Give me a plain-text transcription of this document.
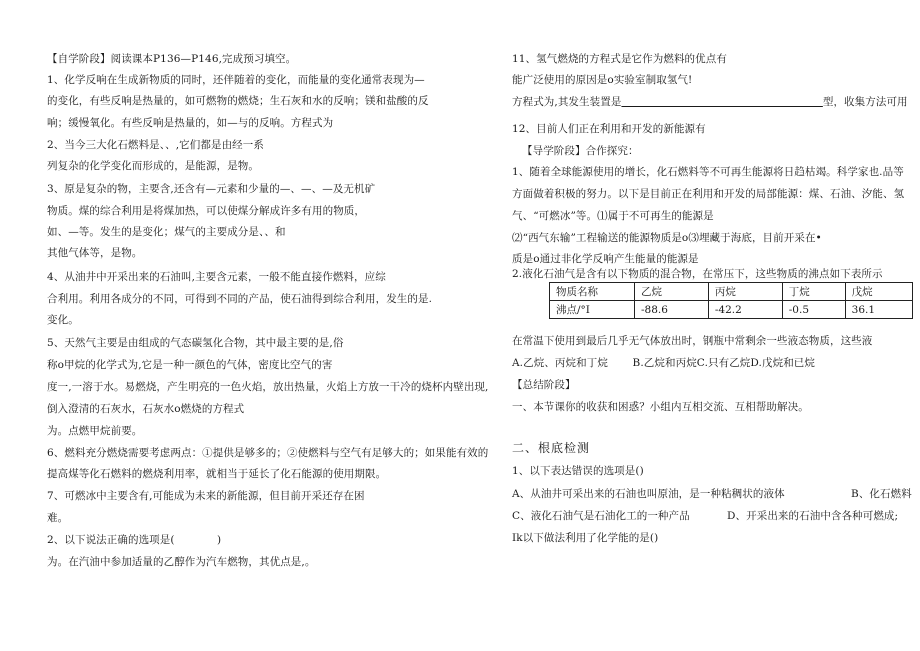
【自学阶段】阅读课本P136—P146,完成预习填空。
1、化学反响在生成新物质的同时，还伴随着的变化，而能量的变化通常表现为—
的变化，有些反响是热量的，如可燃物的燃烧；生石灰和水的反响；镁和盐酸的反
响；缓慢氧化。有些反响是热量的，如—与的反响。方程式为
2、当今三大化石燃料是、、,它们都是由经一系
列复杂的化学变化而形成的，是能源，是物。
3、原是复杂的物，主要含,还含有—元素和少量的—、—、—及无机矿
物质。煤的综合利用是将煤加热，可以使煤分解成许多有用的物质，
如、—等。发生的是变化；煤气的主要成分是、、和
其他气体等，是物。
4、从油井中开采出来的石油叫,主要含元素，一般不能直接作燃料，应综
合利用。利用各成分的不同，可得到不同的产品，使石油得到综合利用，发生的是.
变化。
5、天然气主要是由组成的气态碳氢化合物，其中最主要的是,俗
称o甲烷的化学式为,它是一种一颜色的气体，密度比空气的害
度一,一溶于水。易燃烧，产生明亮的一色火焰，放出热量，火焰上方放一干冷的烧杯内壁出现,
倒入澄清的石灰水，石灰水o燃烧的方程式
为。点燃甲烷前要。
6、燃料充分燃烧需要考虑两点：①提供是够多的；②使燃料与空气有足够大的；如果能有效的
提高煤等化石燃料的燃烧利用率，就相当于延长了化石能源的使用期限。
7、可燃冰中主要含有,可能成为未来的新能源，但目前开采还存在困
难。
2、以下说法正确的选项是(　　　　)
为。在汽油中参加适量的乙醇作为汽车燃物，其优点是,。
11、氢气燃烧的方程式是它作为燃料的优点有
能广泛使用的原因是o实验室制取氢气!
方程式为,其发生装置是　　　　　　　　　　　　　　　　　　　	型，收集方法可用
12、目前人们正在利用和开发的新能源有
【导学阶段】合作探究：
1、随着全球能源使用的增长，化石燃料等不可再生能源将日趋枯竭。科学家也.品等
方面做着积极的努力。以下是目前正在利用和开发的局部能源：煤、石油、汐能、氢
气、“可燃冰”等。⑴属于不可再生的能源是
⑵“西气东输”工程输送的能源物质是o⑶埋藏于海底，目前开采在•
质是o通过非化学反响产生能量的能源是
2.液化石油气是含有以下物质的混合物，在常压下，这些物质的沸点如下表所示
物质名称	乙烷	丙烷	丁烷	戊烷
沸点/°I	-88.6	-42.2	-0.5	36.1
在常温下使用到最后几乎无气体放出时，钢瓶中常剩余一些液态物质，这些液
A.乙烷、丙烷和丁烷　　 B.乙烷和丙烷C.只有乙烷D.戊烷和已烷
【总结阶段】
一、本节课你的收获和困惑？小组内互相交流、互相帮助解决。
二、根底检测
1、以下表达错误的选项是()
A、从油井可采出来的石油也叫原油，是一种粘稠状的液体	B、化石燃料
C、液化石油气是石油化工的一种产品	D、开采出来的石油中含各种可燃成;
Ik以下做法利用了化学能的是()
